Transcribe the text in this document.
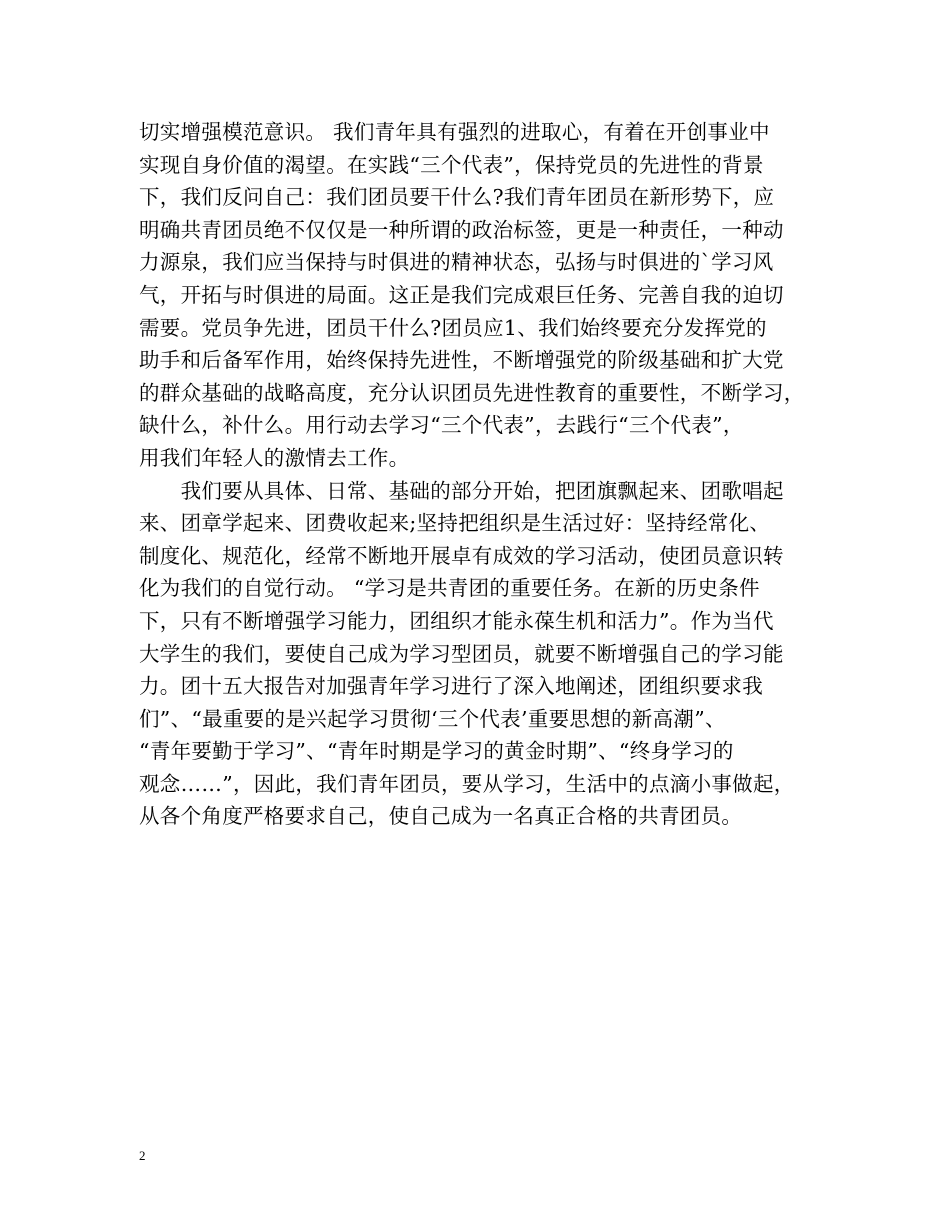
切实增强模范意识。 我们青年具有强烈的进取心，有着在开创事业中
实现自身价值的渴望。在实践“三个代表”，保持党员的先进性的背景
下，我们反问自己：我们团员要干什么?我们青年团员在新形势下，应
明确共青团员绝不仅仅是一种所谓的政治标签，更是一种责任，一种动
力源泉，我们应当保持与时俱进的精神状态，弘扬与时俱进的`学习风
气，开拓与时俱进的局面。这正是我们完成艰巨任务、完善自我的迫切
需要。党员争先进，团员干什么?团员应1、我们始终要充分发挥党的
助手和后备军作用，始终保持先进性，不断增强党的阶级基础和扩大党
的群众基础的战略高度，充分认识团员先进性教育的重要性，不断学习，
缺什么，补什么。用行动去学习“三个代表”，去践行“三个代表”，
用我们年轻人的激情去工作。
　　我们要从具体、日常、基础的部分开始，把团旗飘起来、团歌唱起
来、团章学起来、团费收起来;坚持把组织是生活过好：坚持经常化、
制度化、规范化，经常不断地开展卓有成效的学习活动，使团员意识转
化为我们的自觉行动。 “学习是共青团的重要任务。在新的历史条件
下，只有不断增强学习能力，团组织才能永葆生机和活力”。作为当代
大学生的我们，要使自己成为学习型团员，就要不断增强自己的学习能
力。团十五大报告对加强青年学习进行了深入地阐述，团组织要求我
们”、“最重要的是兴起学习贯彻‘三个代表’重要思想的新高潮”、
“青年要勤于学习”、“青年时期是学习的黄金时期”、“终身学习的
观念……”，因此，我们青年团员，要从学习，生活中的点滴小事做起，
从各个角度严格要求自己，使自己成为一名真正合格的共青团员。
2
